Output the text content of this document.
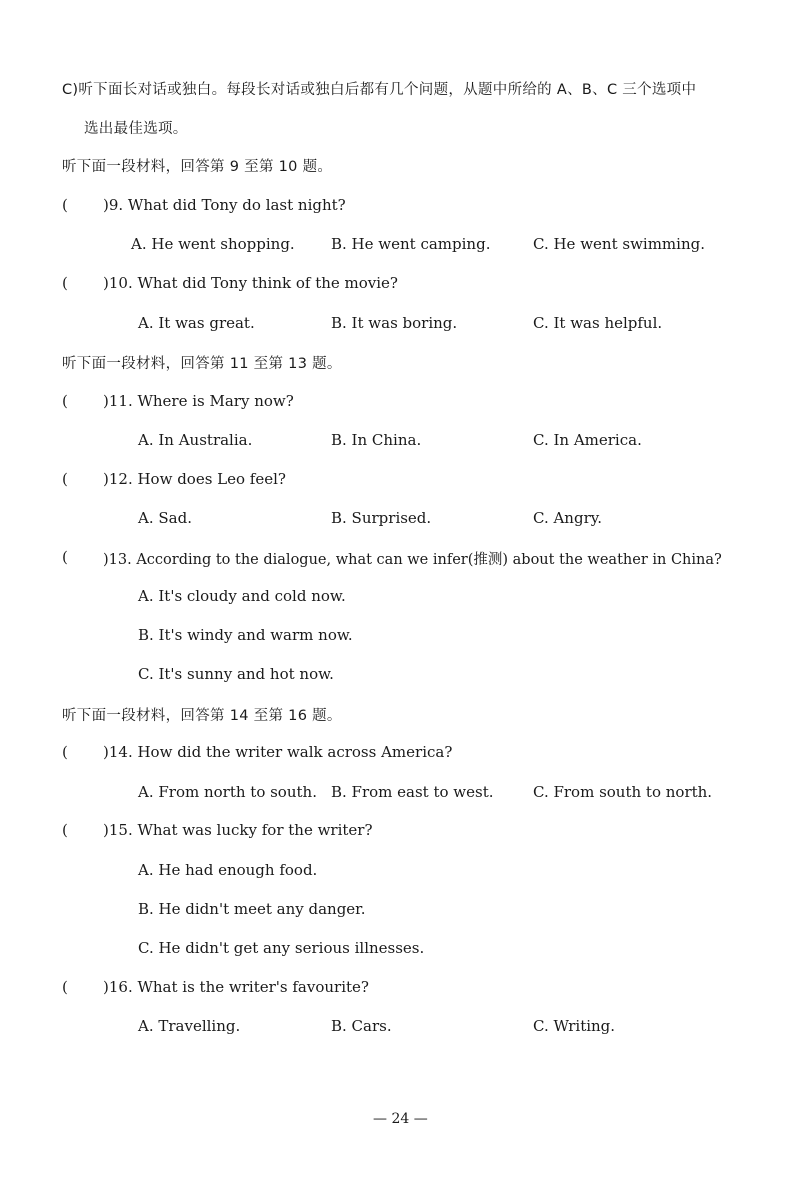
C)听下面长对话或独白。每段长对话或独白后都有几个问题，从题中所给的 A、B、C 三个选项中
选出最佳选项。
听下面一段材料，回答第 9 至第 10 题。
( )9. What did Tony do last night?
A. He went shopping. B. He went camping.	C. He went swimming.
( )10. What did Tony think of the movie?
A. It was great.	B. It was boring.	C. It was helpful.
听下面一段材料，回答第 11 至第 13 题。
( )11. Where is Mary now?
A. In Australia.	B. In China.	C. In America.
( )12. How does Leo feel?
A. Sad.	B. Surprised.	C. Angry.
( )13. According to the dialogue, what can we infer(推测) about the weather in China?
A. It's cloudy and cold now.
B. It's windy and warm now.
C. It's sunny and hot now.
听下面一段材料，回答第 14 至第 16 题。
( )14. How did the writer walk across America?
A. From north to south. B. From east to west.	C. From south to north.
( )15. What was lucky for the writer?
A. He had enough food.
B. He didn't meet any danger.
C. He didn't get any serious illnesses.
( )16. What is the writer's favourite?
A. Travelling.	B. Cars.	C. Writing.
— 24 —
